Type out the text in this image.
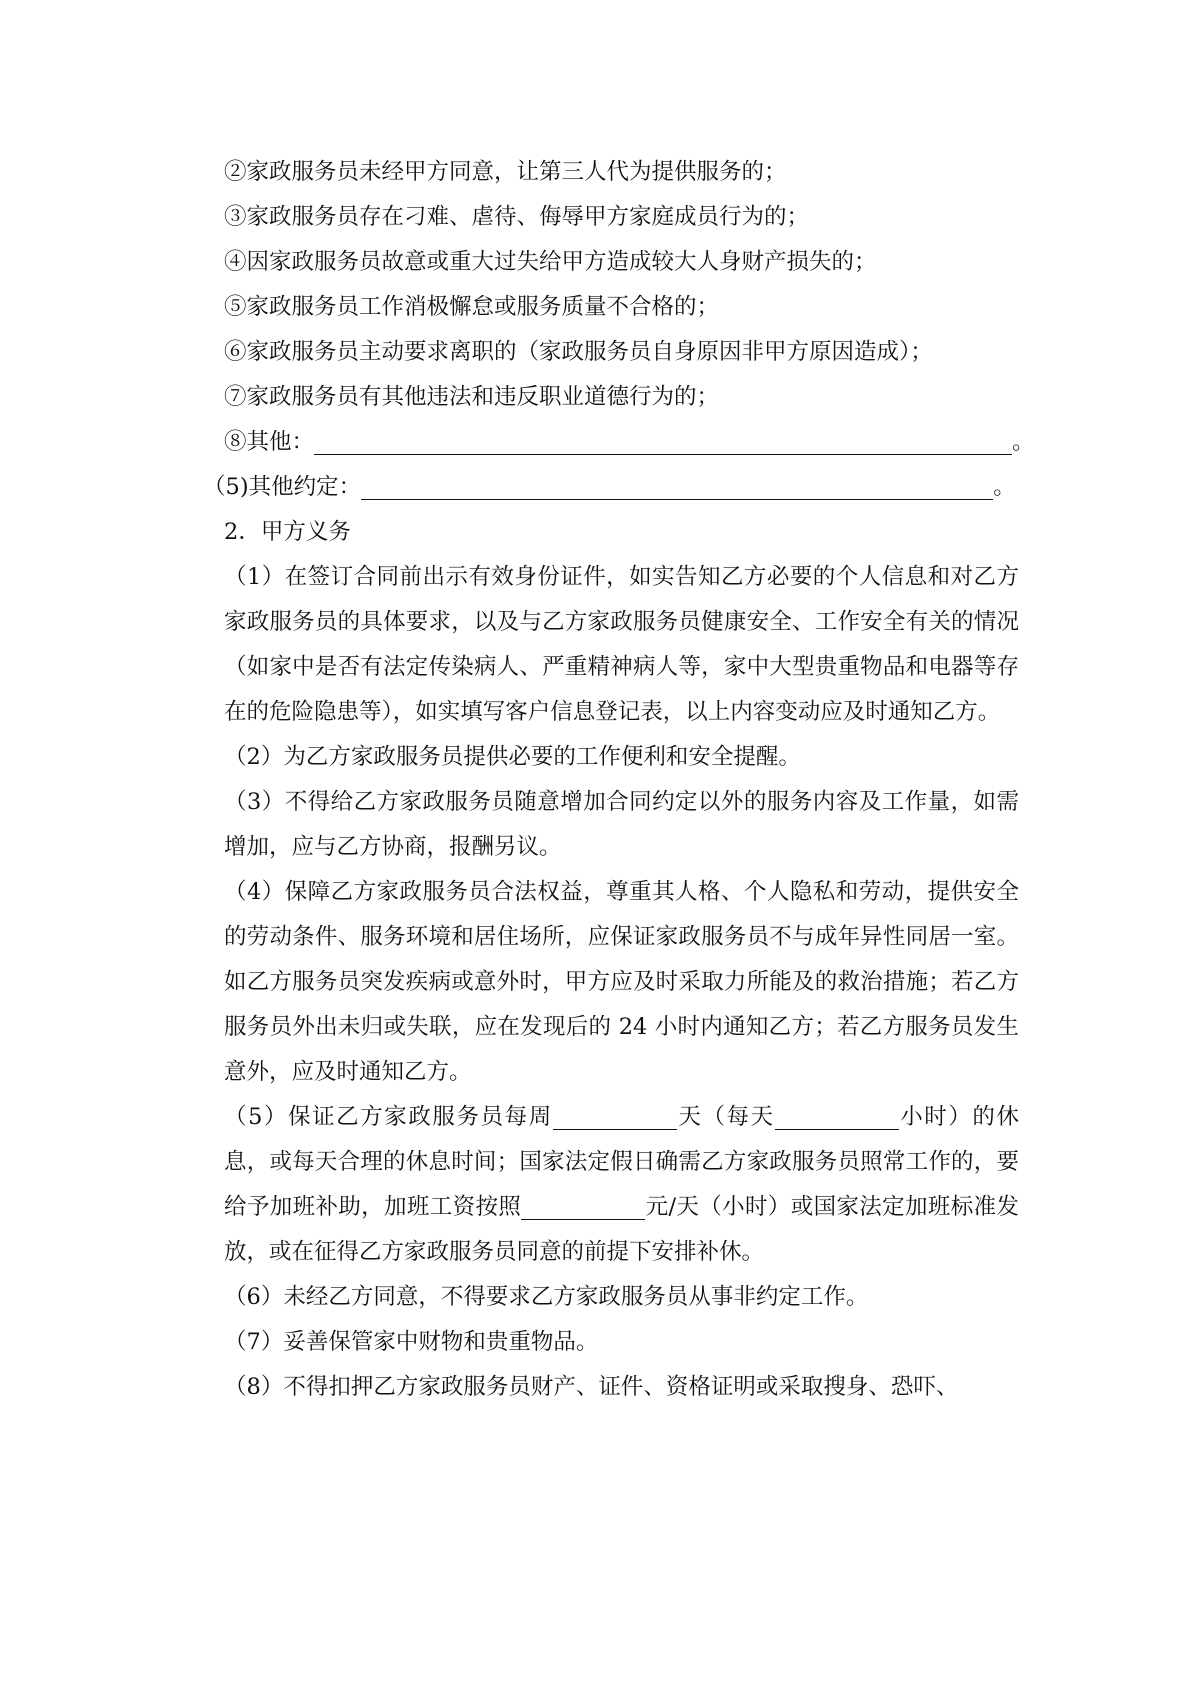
②家政服务员未经甲方同意，让第三人代为提供服务的；

③家政服务员存在刁难、虐待、侮辱甲方家庭成员行为的；

④因家政服务员故意或重大过失给甲方造成较大人身财产损失的；

⑤家政服务员工作消极懈怠或服务质量不合格的；

⑥家政服务员主动要求离职的（家政服务员自身原因非甲方原因造成）；

⑦家政服务员有其他违法和违反职业道德行为的；

⑧其他：	。

（5)其他约定：	。

2．甲方义务

（1）在签订合同前出示有效身份证件，如实告知乙方必要的个人信息和对乙方家政服务员的具体要求，以及与乙方家政服务员健康安全、工作安全有关的情况（如家中是否有法定传染病人、严重精神病人等，家中大型贵重物品和电器等存在的危险隐患等），如实填写客户信息登记表，以上内容变动应及时通知乙方。

（2）为乙方家政服务员提供必要的工作便利和安全提醒。

（3）不得给乙方家政服务员随意增加合同约定以外的服务内容及工作量，如需增加，应与乙方协商，报酬另议。

（4）保障乙方家政服务员合法权益，尊重其人格、个人隐私和劳动，提供安全的劳动条件、服务环境和居住场所，应保证家政服务员不与成年异性同居一室。如乙方服务员突发疾病或意外时，甲方应及时采取力所能及的救治措施；若乙方服务员外出未归或失联，应在发现后的 24 小时内通知乙方；若乙方服务员发生意外，应及时通知乙方。

（5）保证乙方家政服务员每周	天（每天	小时）的休息，或每天合理的休息时间；国家法定假日确需乙方家政服务员照常工作的，要给予加班补助，加班工资按照	元/天（小时）或国家法定加班标准发放，或在征得乙方家政服务员同意的前提下安排补休。

（6）未经乙方同意，不得要求乙方家政服务员从事非约定工作。

（7）妥善保管家中财物和贵重物品。

（8）不得扣押乙方家政服务员财产、证件、资格证明或采取搜身、恐吓、
